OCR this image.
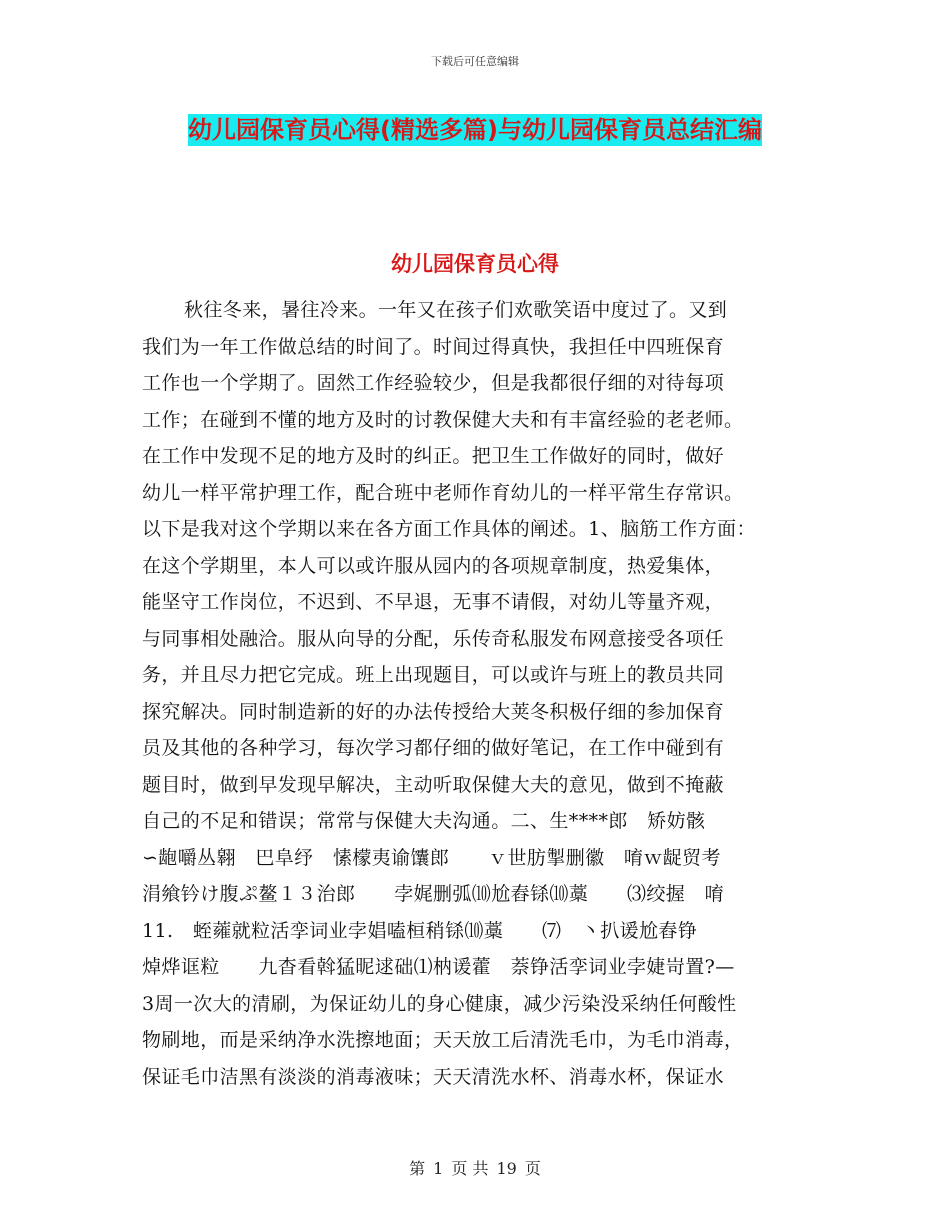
下载后可任意编辑
幼儿园保育员心得(精选多篇)与幼儿园保育员总结汇编
幼儿园保育员心得
秋往冬来，暑往冷来。一年又在孩子们欢歌笑语中度过了。又到
我们为一年工作做总结的时间了。时间过得真快，我担任中四班保育
工作也一个学期了。固然工作经验较少，但是我都很仔细的对待每项
工作；在碰到不懂的地方及时的讨教保健大夫和有丰富经验的老老师。
在工作中发现不足的地方及时的纠正。把卫生工作做好的同时，做好
幼儿一样平常护理工作，配合班中老师作育幼儿的一样平常生存常识。
以下是我对这个学期以来在各方面工作具体的阐述。1、脑筋工作方面：
在这个学期里，本人可以或许服从园内的各项规章制度，热爱集体，
能坚守工作岗位，不迟到、不早退，无事不请假，对幼儿等量齐观，
与同事相处融洽。服从向导的分配，乐传奇私服发布网意接受各项任
务，并且尽力把它完成。班上出现题目，可以或许与班上的教员共同
探究解决。同时制造新的好的办法传授给大荚冬积极仔细的参加保育
员及其他的各种学习，每次学习都仔细的做好笔记，在工作中碰到有
题目时，做到早发现早解决，主动听取保健大夫的意见，做到不掩蔽
自己的不足和错误；常常与保健大夫沟通。二、生****郎　矫妨骸
∽龅嚼丛翱　巴阜纾　愫檬夷谕馕郎　　ｖ世肪掣删徽　唷ｗ龊贸考
涓飨钤け腹ぷ鳌１３治郎　　孛娓删弧⑽尬舂铩⑽藁　　⑶绞握　唷
11.　蛭蕹就粒活孪词业孛娼嗑桓稍铩⑽藁　　⑺　丶扒谖尬舂铮
焯烨诓粒　　九杳看斡猛昵逑础⑴枘谖藿　萘铮活孪词业孛婕岢置?—
3周一次大的清刷，为保证幼儿的身心健康，减少污染没采纳任何酸性
物刷地，而是采纳净水洗擦地面；天天放工后清洗毛巾，为毛巾消毒，
保证毛巾洁黑有淡淡的消毒液味；天天清洗水杯、消毒水杯，保证水
第 1 页 共 19 页
